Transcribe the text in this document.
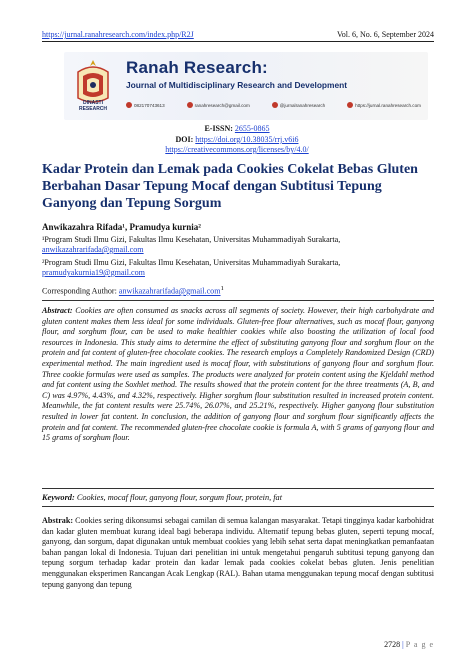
https://jurnal.ranahresearch.com/index.php/R2J	Vol. 6, No. 6, September 2024
DINASTI
RESEARCH
Ranah Research:
Journal of Multidisciplinary Research and Development
082170743613	ranahresearch@gmail.com	@jurnalranahresearch	https://jurnal.ranahresearch.com
E-ISSN: 2655-0865
DOI: https://doi.org/10.38035/rrj.v6i6
https://creativecommons.org/licenses/by/4.0/
Kadar Protein dan Lemak pada Cookies Cokelat Bebas Gluten Berbahan Dasar Tepung Mocaf dengan Subtitusi Tepung Ganyong dan Tepung Sorgum
Anwikazahra Rifada¹, Pramudya kurnia²
¹Program Studi Ilmu Gizi, Fakultas Ilmu Kesehatan, Universitas Muhammadiyah Surakarta,
anwikazahrarifada@gmail.com
²Program Studi Ilmu Gizi, Fakultas Ilmu Kesehatan, Universitas Muhammadiyah Surakarta,
pramudyakurnia19@gmail.com
Corresponding Author: anwikazahrarifada@gmail.com$^1$
Abstract: Cookies are often consumed as snacks across all segments of society. However, their high carbohydrate and gluten content makes them less ideal for some individuals. Gluten-free flour alternatives, such as mocaf flour, ganyong flour, and sorghum flour, can be used to make healthier cookies while also boosting the utilization of local food resources in Indonesia. This study aims to determine the effect of substituting ganyong flour and sorghum flour on the protein and fat content of gluten-free chocolate cookies. The research employs a Completely Randomized Design (CRD) experimental method. The main ingredient used is mocaf flour, with substitutions of ganyong flour and sorghum flour. Three cookie formulas were used as samples. The products were analyzed for protein content using the Kjeldahl method and fat content using the Soxhlet method. The results showed that the protein content for the three treatments (A, B, and C) was 4.97%, 4.43%, and 4.32%, respectively. Higher sorghum flour substitution resulted in increased protein content. Meanwhile, the fat content results were 25.74%, 26.07%, and 25.21%, respectively. Higher ganyong flour substitution resulted in lower fat content. In conclusion, the addition of ganyong flour and sorghum flour significantly affects the protein and fat content. The recommended gluten-free chocolate cookie is formula A, with 5 grams of ganyong flour and 15 grams of sorghum flour.
Keyword: Cookies, mocaf flour, ganyong flour, sorgum flour, protein, fat
Abstrak: Cookies sering dikonsumsi sebagai camilan di semua kalangan masyarakat. Tetapi tingginya kadar karbohidrat dan kadar gluten membuat kurang ideal bagi beberapa individu. Alternatif tepung bebas gluten, seperti tepung mocaf, ganyong, dan sorgum, dapat digunakan untuk membuat cookies yang lebih sehat serta dapat meningkatkan pemanfaatan bahan pangan lokal di Indonesia. Tujuan dari penelitian ini untuk mengetahui pengaruh subtitusi tepung ganyong dan tepung sorgum terhadap kadar protein dan kadar lemak pada cookies cokelat bebas gluten. Jenis penelitian menggunakan eksperimen Rancangan Acak Lengkap (RAL). Bahan utama menggunakan tepung mocaf dengan subtitusi tepung ganyong dan tepung
2728 | P a g e
